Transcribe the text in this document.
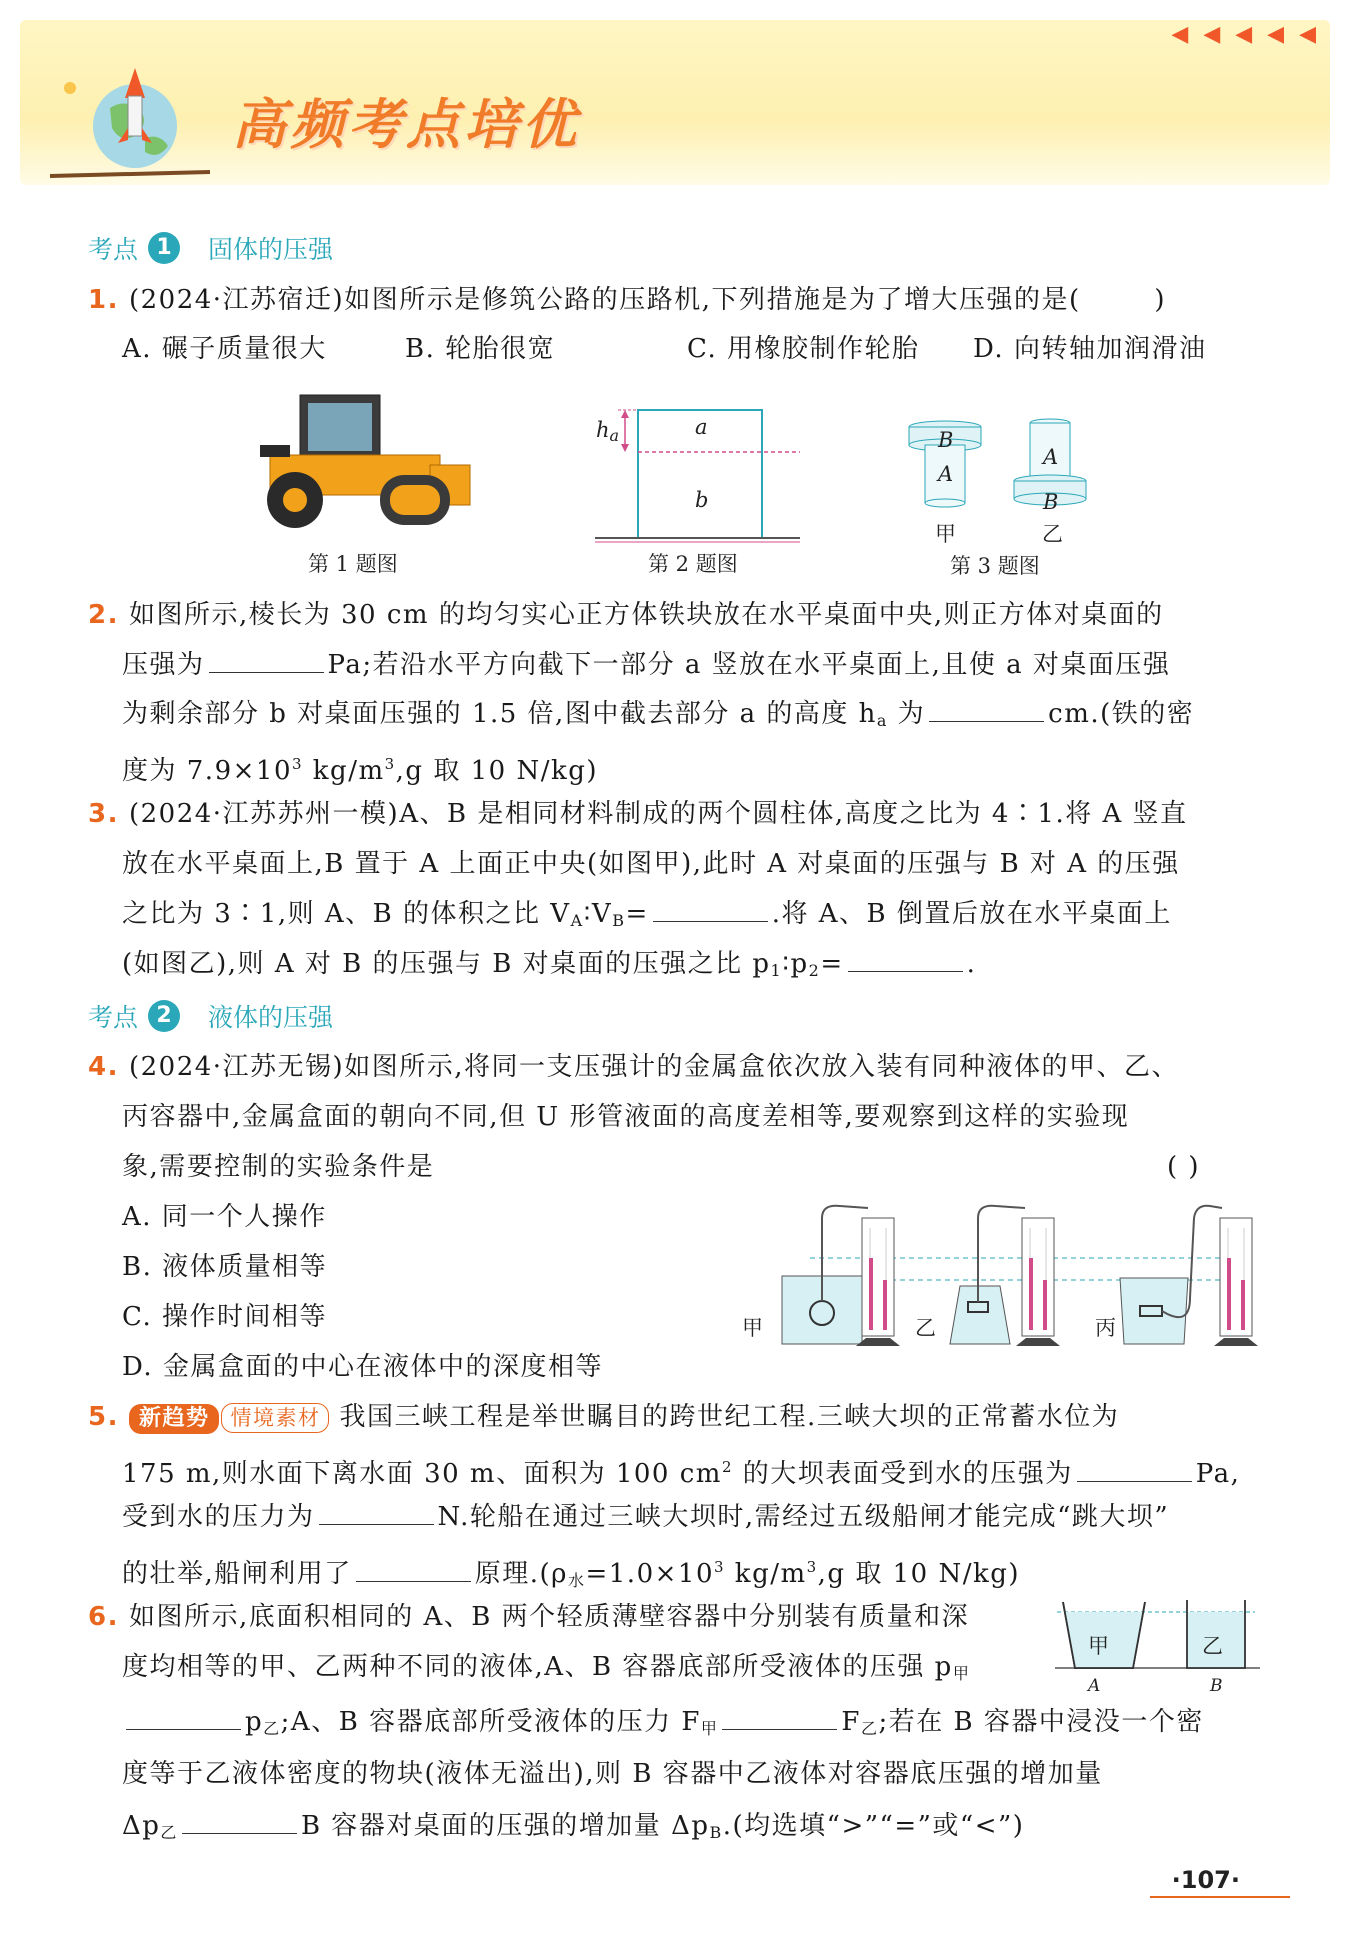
高频考点培优
◀ ◀ ◀ ◀ ◀
考点 1	固体的压强
1. (2024·江苏宿迁)如图所示是修筑公路的压路机,下列措施是为了增大压强的是(	)
A. 碾子质量很大	B. 轮胎很宽	C. 用橡胶制作轮胎 D. 向转轴加润滑油
第 1 题图
$h_a$	a
b
第 2 题图
B
A
A
B
甲	乙
第 3 题图
2. 如图所示,棱长为 30 cm 的均匀实心正方体铁块放在水平桌面中央,则正方体对桌面的
压强为	Pa;若沿水平方向截下一部分 a 竖放在水平桌面上,且使 a 对桌面压强
为剩余部分 b 对桌面压强的 1.5 倍,图中截去部分 a 的高度 $h_a$ 为	cm.(铁的密
度为 $7.9\times 10^3$ $kg/m^3,g$ 取 10 N/kg)
3. (2024·江苏苏州一模)A、B 是相同材料制成的两个圆柱体,高度之比为 4∶1.将 A 竖直
放在水平桌面上,B 置于 A 上面正中央(如图甲),此时 A 对桌面的压强与 B 对 A 的压强
之比为 3∶1,则 A、B 的体积之比 $V_A∶V_B=$	.将 A、B 倒置后放在水平桌面上
(如图乙),则 A 对 B 的压强与 B 对桌面的压强之比 $p_1∶p_2=$	.
考点 2	液体的压强
4. (2024·江苏无锡)如图所示,将同一支压强计的金属盒依次放入装有同种液体的甲、乙、
丙容器中,金属盒面的朝向不同,但 U 形管液面的高度差相等,要观察到这样的实验现
象,需要控制的实验条件是	( )
A. 同一个人操作
B. 液体质量相等
C. 操作时间相等
D. 金属盒面的中心在液体中的深度相等
甲	乙	丙
5. 新趋势 情境素材 我国三峡工程是举世瞩目的跨世纪工程.三峡大坝的正常蓄水位为
175 m,则水面下离水面 30 m、面积为 100 $cm^2$ 的大坝表面受到水的压强为	Pa,
受到水的压力为	N.轮船在通过三峡大坝时,需经过五级船闸才能完成“跳大坝”
的壮举,船闸利用了	原理$.(\rho_水=1.0\times 10^3$ $kg/m^3,g$ 取 10 N/kg)
6. 如图所示,底面积相同的 A、B 两个轻质薄壁容器中分别装有质量和深
度均相等的甲、乙两种不同的液体,A、B 容器底部所受液体的压强 $p_甲$
$p_乙;A$、B 容器底部所受液体的压力 $F_甲$	$F_乙$;若在 B 容器中浸没一个密
度等于乙液体密度的物块(液体无溢出),则 B 容器中乙液体对容器底压强的增加量
$\Delta p_乙$	B 容器对桌面的压强的增加量 $\Delta p_B$.(均选填“>”“=”或“<”)
甲	乙
A	B
·107·
